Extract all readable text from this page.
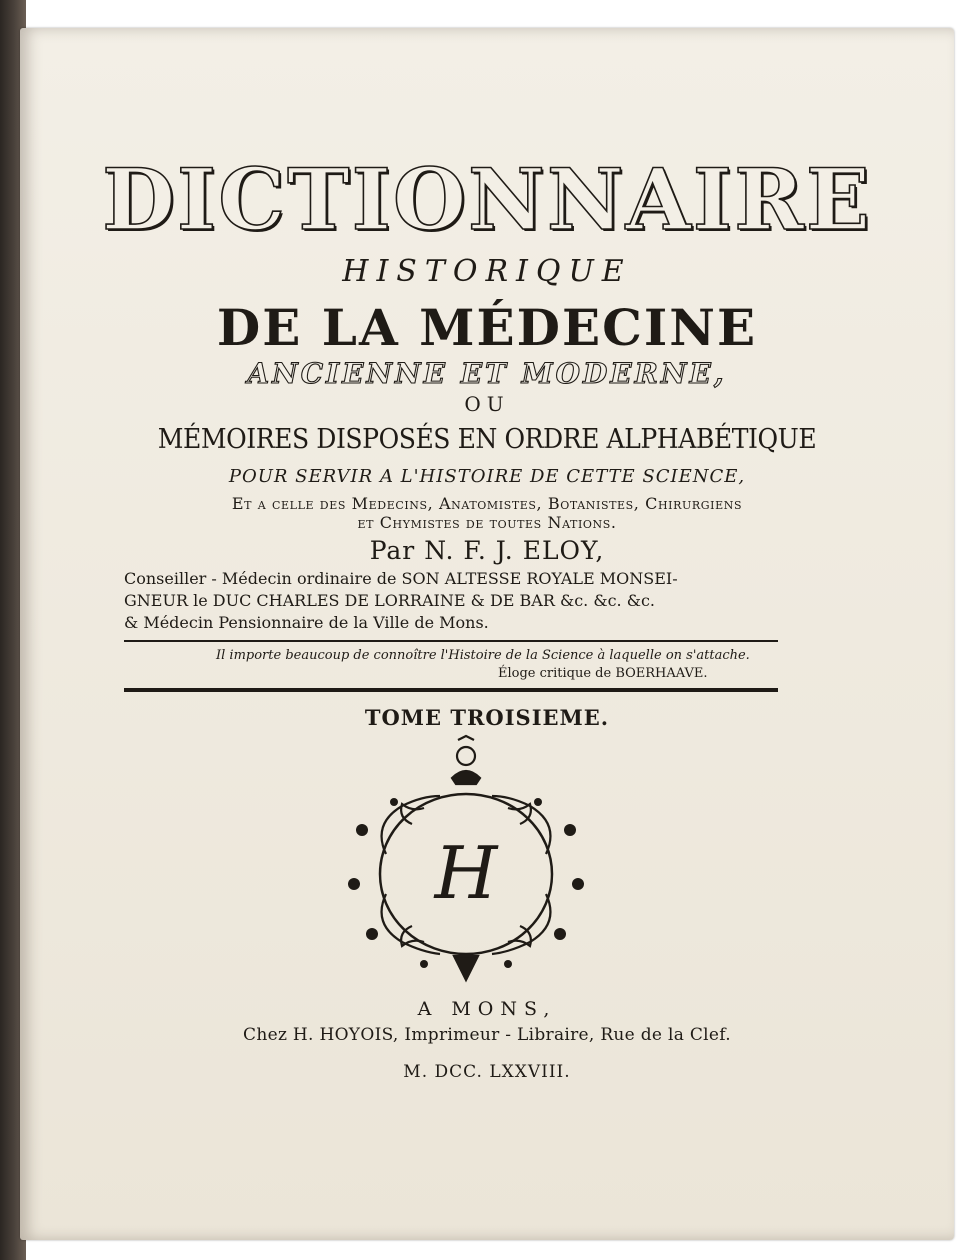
DICTIONNAIRE
HISTORIQUE
DE LA MÉDECINE
ANCIENNE ET MODERNE,
OU
MÉMOIRES DISPOSÉS EN ORDRE ALPHABÉTIQUE
POUR SERVIR A L'HISTOIRE DE CETTE SCIENCE,
Et a celle des Medecins, Anatomistes, Botanistes, Chirurgiens
et Chymistes de toutes Nations.
Par N. F. J. ELOY,
Conseiller - Médecin ordinaire de SON ALTESSE ROYALE MONSEI-
GNEUR le DUC CHARLES DE LORRAINE & DE BAR &c. &c. &c.
& Médecin Pensionnaire de la Ville de Mons.
Il importe beaucoup de connoître l'Histoire de la Science à laquelle on s'attache.
Éloge critique de BOERHAAVE.
TOME TROISIEME.
H
A MONS,
Chez H. HOYOIS, Imprimeur - Libraire, Rue de la Clef.
M. DCC. LXXVIII.
